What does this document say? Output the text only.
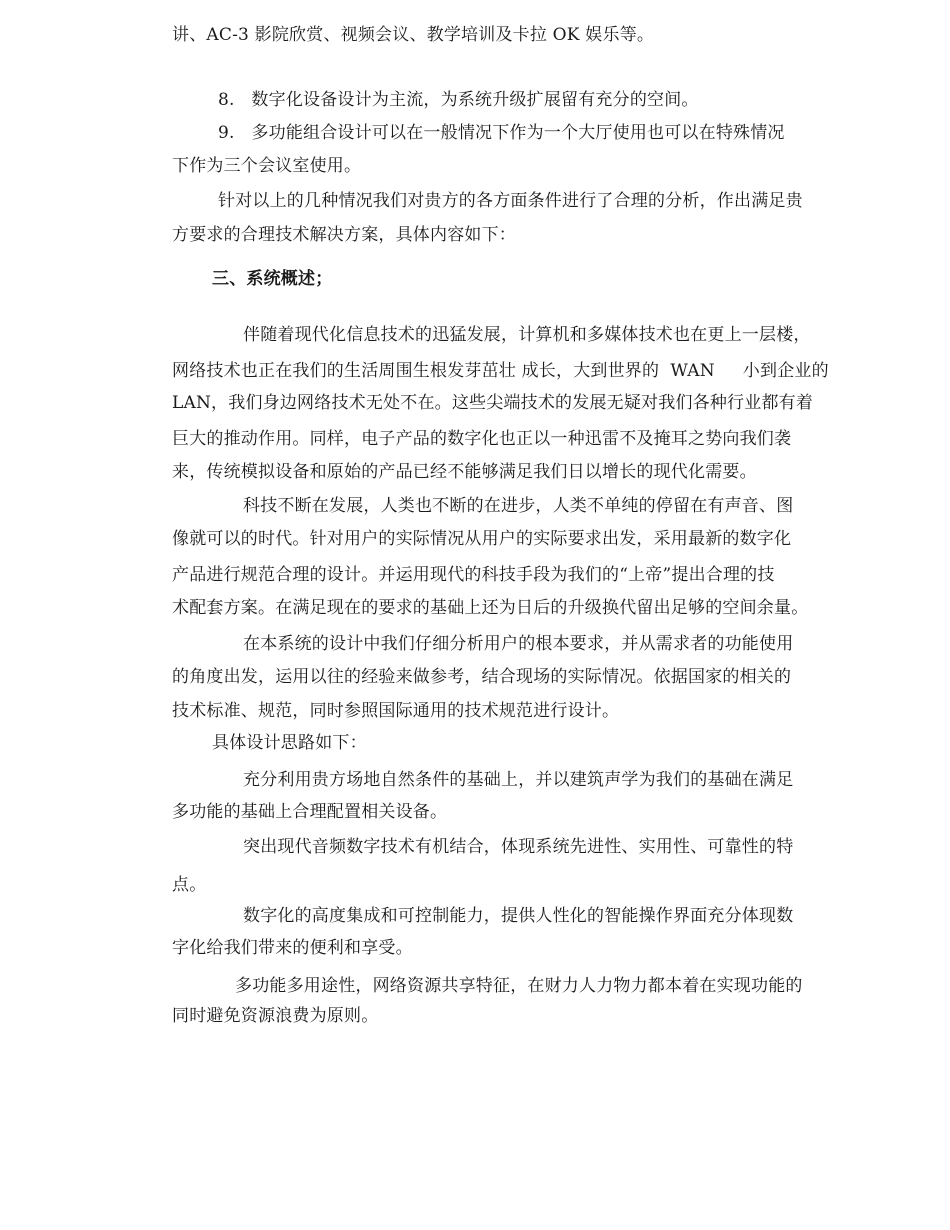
讲、AC-3 影院欣赏、视频会议、教学培训及卡拉 OK 娱乐等。
8.   数字化设备设计为主流，为系统升级扩展留有充分的空间。
9.   多功能组合设计可以在一般情况下作为一个大厅使用也可以在特殊情况
下作为三个会议室使用。
针对以上的几种情况我们对贵方的各方面条件进行了合理的分析，作出满足贵
方要求的合理技术解决方案，具体内容如下：
三、系统概述；
伴随着现代化信息技术的迅猛发展，计算机和多媒体技术也在更上一层楼，
网络技术也正在我们的生活周围生根发芽茁壮 成长，大到世界的  WAN     小到企业的
LAN，我们身边网络技术无处不在。这些尖端技术的发展无疑对我们各种行业都有着
巨大的推动作用。同样，电子产品的数字化也正以一种迅雷不及掩耳之势向我们袭
来，传统模拟设备和原始的产品已经不能够满足我们日以增长的现代化需要。
科技不断在发展，人类也不断的在进步，人类不单纯的停留在有声音、图
像就可以的时代。针对用户的实际情况从用户的实际要求出发，采用最新的数字化
产品进行规范合理的设计。并运用现代的科技手段为我们的“上帝”提出合理的技
术配套方案。在满足现在的要求的基础上还为日后的升级换代留出足够的空间余量。
在本系统的设计中我们仔细分析用户的根本要求，并从需求者的功能使用
的角度出发，运用以往的经验来做参考，结合现场的实际情况。依据国家的相关的
技术标准、规范，同时参照国际通用的技术规范进行设计。
具体设计思路如下：
充分利用贵方场地自然条件的基础上，并以建筑声学为我们的基础在满足
多功能的基础上合理配置相关设备。
突出现代音频数字技术有机结合，体现系统先进性、实用性、可靠性的特
点。
数字化的高度集成和可控制能力，提供人性化的智能操作界面充分体现数
字化给我们带来的便利和享受。
多功能多用途性，网络资源共享特征，在财力人力物力都本着在实现功能的
同时避免资源浪费为原则。
